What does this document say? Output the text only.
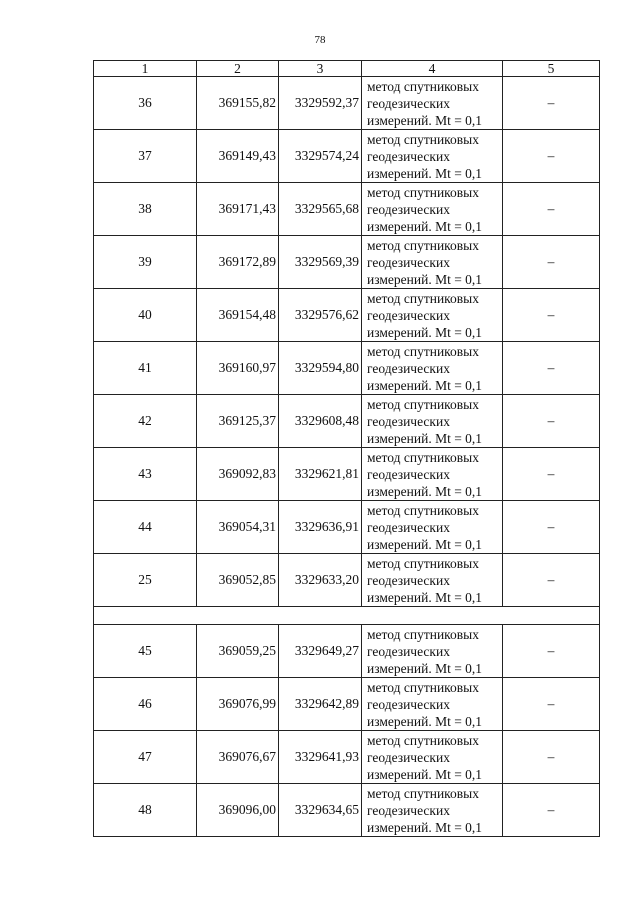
78
1	2	3	4	5
36	369155,82	3329592,37	метод спутниковых
геодезических
измерений. Mt = 0,1	–
37	369149,43	3329574,24	метод спутниковых
геодезических
измерений. Mt = 0,1	–
38	369171,43	3329565,68	метод спутниковых
геодезических
измерений. Mt = 0,1	–
39	369172,89	3329569,39	метод спутниковых
геодезических
измерений. Mt = 0,1	–
40	369154,48	3329576,62	метод спутниковых
геодезических
измерений. Mt = 0,1	–
41	369160,97	3329594,80	метод спутниковых
геодезических
измерений. Mt = 0,1	–
42	369125,37	3329608,48	метод спутниковых
геодезических
измерений. Mt = 0,1	–
43	369092,83	3329621,81	метод спутниковых
геодезических
измерений. Mt = 0,1	–
44	369054,31	3329636,91	метод спутниковых
геодезических
измерений. Mt = 0,1	–
25	369052,85	3329633,20	метод спутниковых
геодезических
измерений. Mt = 0,1	–

45	369059,25	3329649,27	метод спутниковых
геодезических
измерений. Mt = 0,1	–
46	369076,99	3329642,89	метод спутниковых
геодезических
измерений. Mt = 0,1	–
47	369076,67	3329641,93	метод спутниковых
геодезических
измерений. Mt = 0,1	–
48	369096,00	3329634,65	метод спутниковых
геодезических
измерений. Mt = 0,1	–
